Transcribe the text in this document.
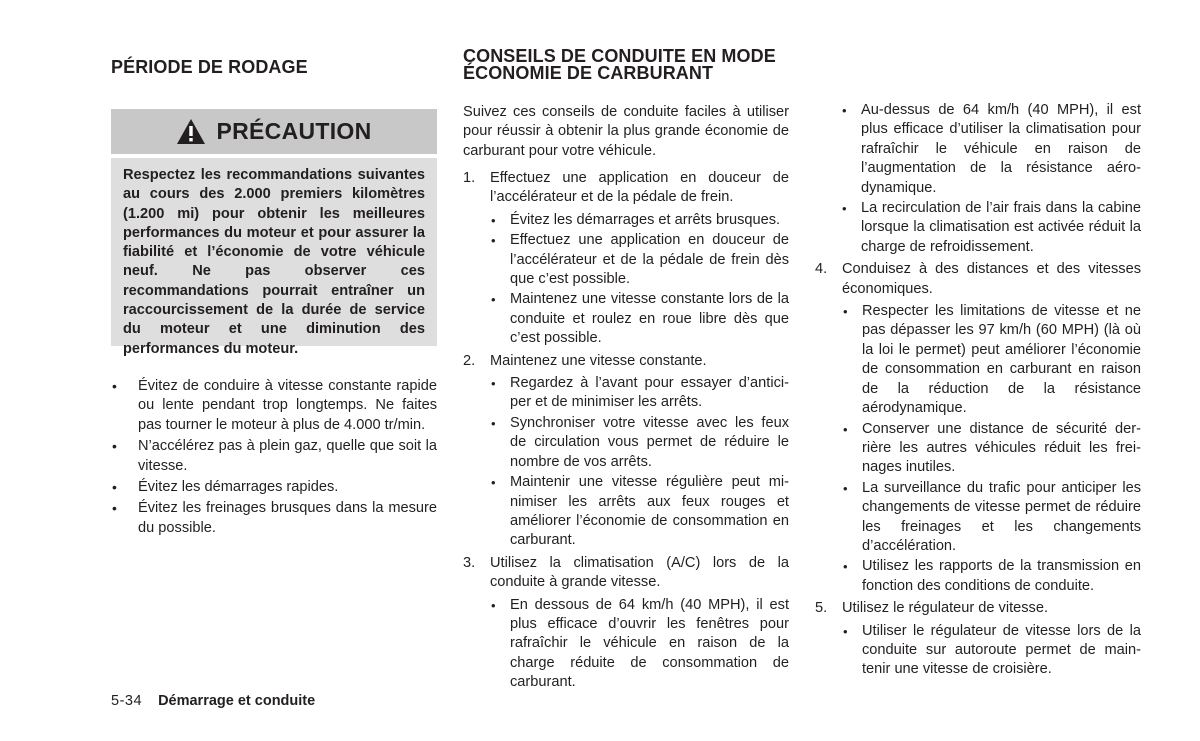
PÉRIODE DE RODAGE
PRÉCAUTION
Respectez les recommandations suivantes au cours des 2.000 premiers kilomètres (1.200 mi) pour obtenir les meilleures performances du moteur et pour assurer la fiabilité et l’économie de votre véhicule neuf. Ne pas observer ces recommandations pourrait entraîner un raccourcissement de la durée de service du moteur et une diminution des performances du moteur.
• Évitez de conduire à vitesse constante rapide ou lente pendant trop longtemps. Ne faites pas tourner le moteur à plus de 4.000 tr/min.
• N’accélérez pas à plein gaz, quelle que soit la vitesse.
• Évitez les démarrages rapides.
• Évitez les freinages brusques dans la mesure du possible.
CONSEILS DE CONDUITE EN MODE ÉCONOMIE DE CARBURANT
Suivez ces conseils de conduite faciles à utiliser pour réussir à obtenir la plus grande économie de carburant pour votre véhicule.
1. Effectuez une application en douceur de l’accélérateur et de la pédale de frein.
• Évitez les démarrages et arrêts brusques.
• Effectuez une application en douceur de l’accélérateur et de la pédale de frein dès que c’est possible.
• Maintenez une vitesse constante lors de la conduite et roulez en roue libre dès que c’est possible.
2. Maintenez une vitesse constante.
• Regardez à l’avant pour essayer d’anticiper et de minimiser les arrêts.
• Synchroniser votre vitesse avec les feux de circulation vous permet de réduire le nombre de vos arrêts.
• Maintenir une vitesse régulière peut minimiser les arrêts aux feux rouges et améliorer l’économie de consommation en carburant.
3. Utilisez la climatisation (A/C) lors de la conduite à grande vitesse.
• En dessous de 64 km/h (40 MPH), il est plus efficace d’ouvrir les fenêtres pour rafraîchir le véhicule en raison de la charge réduite de consommation de carburant.
• Au-dessus de 64 km/h (40 MPH), il est plus efficace d’utiliser la climatisation pour rafraîchir le véhicule en raison de l’augmentation de la résistance aérodynamique.
• La recirculation de l’air frais dans la cabine lorsque la climatisation est activée réduit la charge de refroidissement.
4. Conduisez à des distances et des vitesses économiques.
• Respecter les limitations de vitesse et ne pas dépasser les 97 km/h (60 MPH) (là où la loi le permet) peut améliorer l’économie de consommation en carburant en raison de la réduction de la résistance aérodynamique.
• Conserver une distance de sécurité derrière les autres véhicules réduit les freinages inutiles.
• La surveillance du trafic pour anticiper les changements de vitesse permet de réduire les freinages et les changements d’accélération.
• Utilisez les rapports de la transmission en fonction des conditions de conduite.
5. Utilisez le régulateur de vitesse.
• Utiliser le régulateur de vitesse lors de la conduite sur autoroute permet de maintenir une vitesse de croisière.
5-34 Démarrage et conduite
